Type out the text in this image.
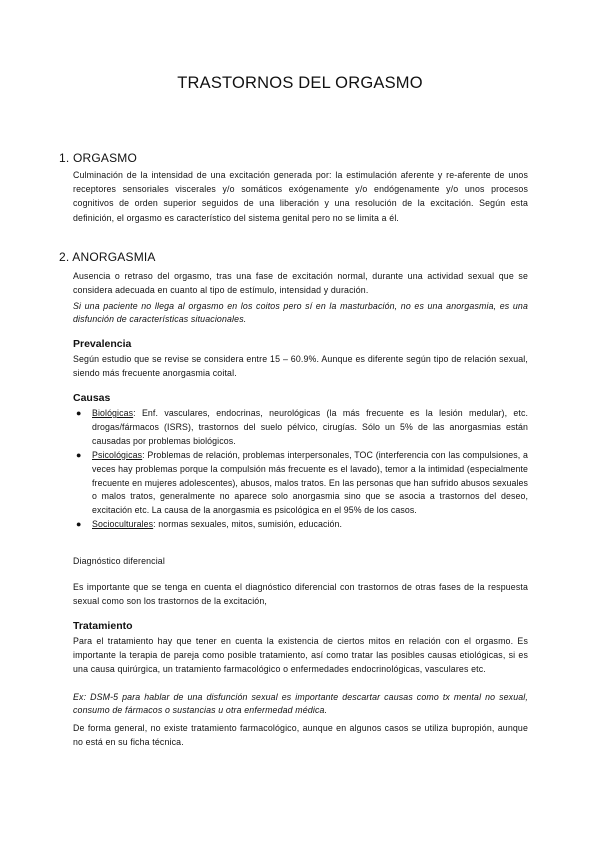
TRASTORNOS DEL ORGASMO
1. ORGASMO

Culminación de la intensidad de una excitación generada por: la estimulación aferente y re-aferente de unos receptores sensoriales viscerales y/o somáticos exógenamente y/o endógenamente y/o unos procesos cognitivos de orden superior seguidos de una liberación y una resolución de la excitación. Según esta definición, el orgasmo es característico del sistema genital pero no se limita a él.

2. ANORGASMIA

Ausencia o retraso del orgasmo, tras una fase de excitación normal, durante una actividad sexual que se considera adecuada en cuanto al tipo de estímulo, intensidad y duración.

Si una paciente no llega al orgasmo en los coitos pero sí en la masturbación, no es una anorgasmia, es una disfunción de características situacionales.

Prevalencia

Según estudio que se revise se considera entre 15 – 60.9%. Aunque es diferente según tipo de relación sexual, siendo más frecuente anorgasmia coital.

Causas
● Biológicas: Enf. vasculares, endocrinas, neurológicas (la más frecuente es la lesión medular), etc. drogas/fármacos (ISRS), trastornos del suelo pélvico, cirugías. Sólo un 5% de las anorgasmias están causadas por problemas biológicos.
● Psicológicas: Problemas de relación, problemas interpersonales, TOC (interferencia con las compulsiones, a veces hay problemas porque la compulsión más frecuente es el lavado), temor a la intimidad (especialmente frecuente en mujeres adolescentes), abusos, malos tratos. En las personas que han sufrido abusos sexuales o malos tratos, generalmente no aparece solo anorgasmia sino que se asocia a trastornos del deseo, excitación etc. La causa de la anorgasmia es psicológica en el 95% de los casos.
● Socioculturales: normas sexuales, mitos, sumisión, educación.

Diagnóstico diferencial

Es importante que se tenga en cuenta el diagnóstico diferencial con trastornos de otras fases de la respuesta sexual como son los trastornos de la excitación,

Tratamiento

Para el tratamiento hay que tener en cuenta la existencia de ciertos mitos en relación con el orgasmo. Es importante la terapia de pareja como posible tratamiento, así como tratar las posibles causas etiológicas, si es una causa quirúrgica, un tratamiento farmacológico o enfermedades endocrinológicas, vasculares etc.

Ex: DSM-5 para hablar de una disfunción sexual es importante descartar causas como tx mental no sexual, consumo de fármacos o sustancias u otra enfermedad médica.

De forma general, no existe tratamiento farmacológico, aunque en algunos casos se utiliza bupropión, aunque no está en su ficha técnica.
